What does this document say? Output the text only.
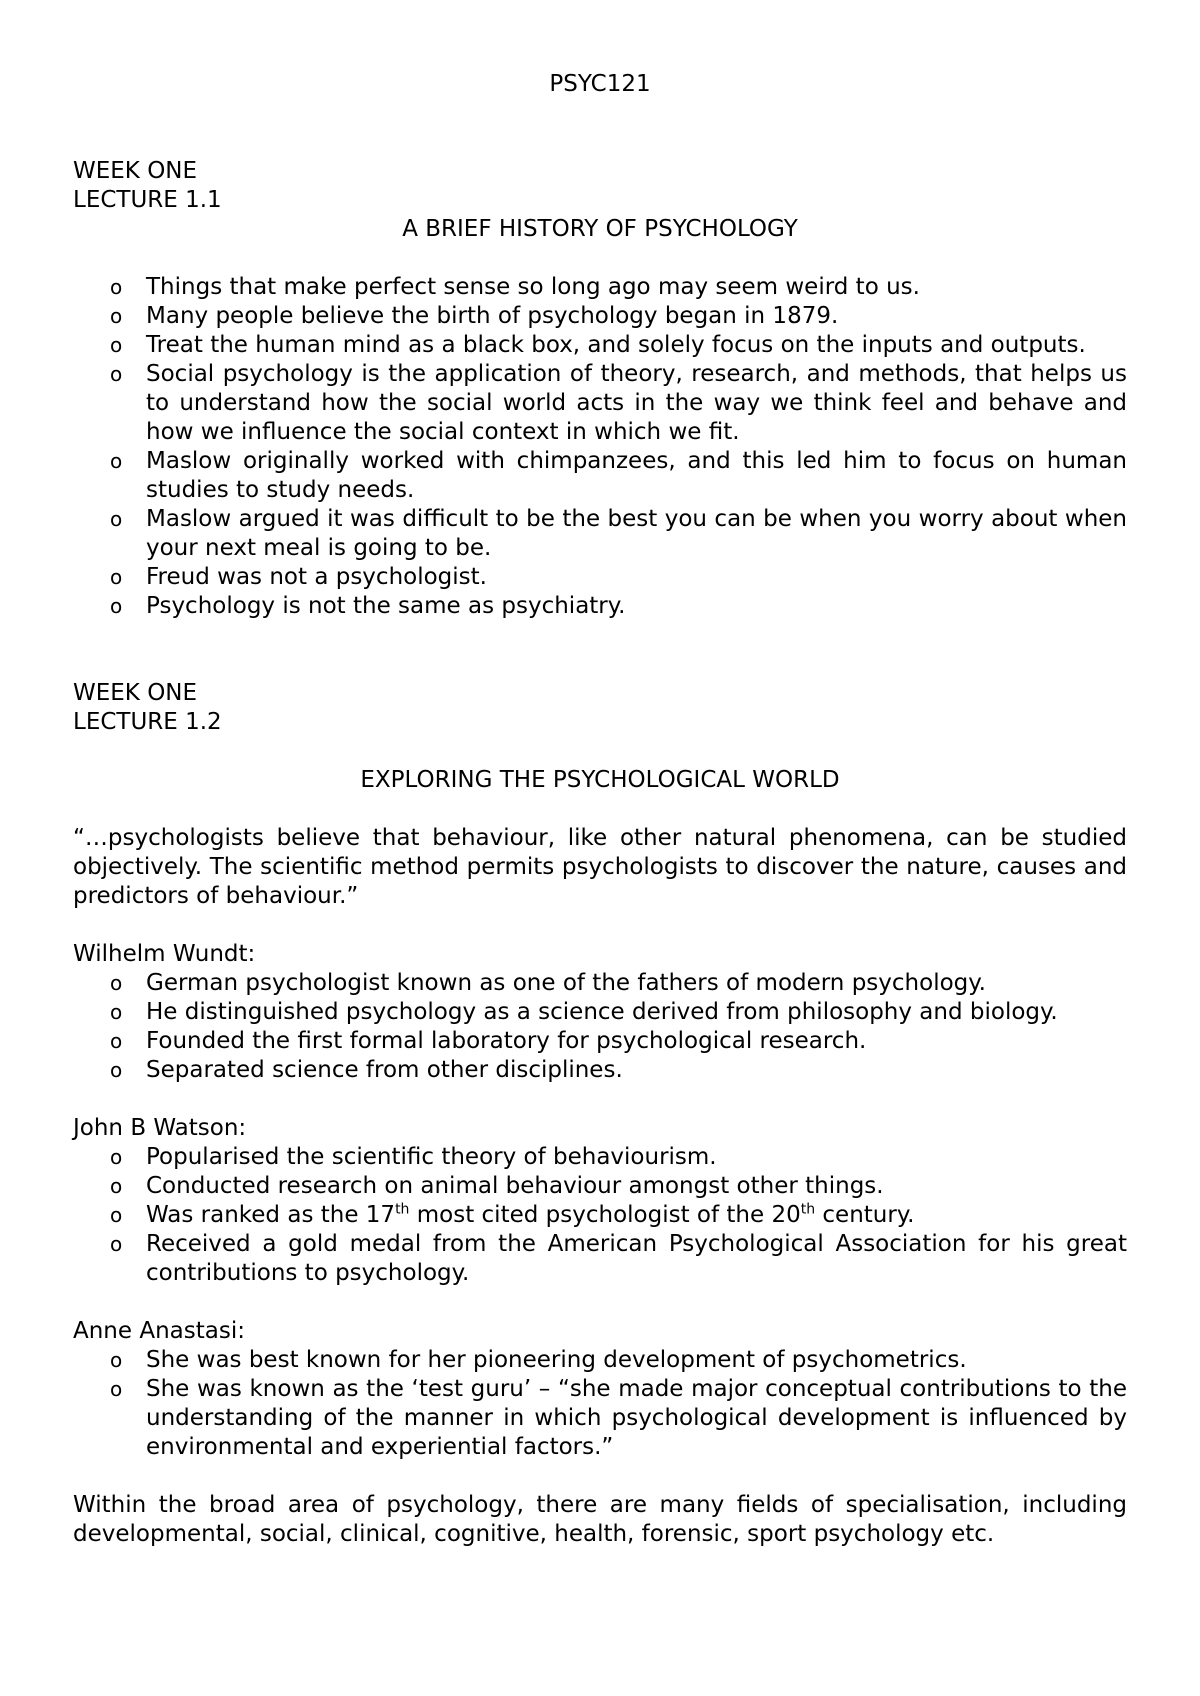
PSYC121

WEEK ONE

LECTURE 1.1

A BRIEF HISTORY OF PSYCHOLOGY

o Things that make perfect sense so long ago may seem weird to us.
o Many people believe the birth of psychology began in 1879.
o Treat the human mind as a black box, and solely focus on the inputs and outputs.
o Social psychology is the application of theory, research, and methods, that helps us to understand how the social world acts in the way we think feel and behave and how we influence the social context in which we fit.
o Maslow originally worked with chimpanzees, and this led him to focus on human studies to study needs.
o Maslow argued it was difficult to be the best you can be when you worry about when your next meal is going to be.
o Freud was not a psychologist.
o Psychology is not the same as psychiatry.

WEEK ONE

LECTURE 1.2

EXPLORING THE PSYCHOLOGICAL WORLD

“…psychologists believe that behaviour, like other natural phenomena, can be studied objectively. The scientific method permits psychologists to discover the nature, causes and predictors of behaviour.”

Wilhelm Wundt:

o German psychologist known as one of the fathers of modern psychology.
o He distinguished psychology as a science derived from philosophy and biology.
o Founded the first formal laboratory for psychological research.
o Separated science from other disciplines.

John B Watson:

o Popularised the scientific theory of behaviourism.
o Conducted research on animal behaviour amongst other things.
o Was ranked as the 17th most cited psychologist of the 20th century.
o Received a gold medal from the American Psychological Association for his great contributions to psychology.

Anne Anastasi:

o She was best known for her pioneering development of psychometrics.
o She was known as the ‘test guru’ – “she made major conceptual contributions to the understanding of the manner in which psychological development is influenced by environmental and experiential factors.”

Within the broad area of psychology, there are many fields of specialisation, including developmental, social, clinical, cognitive, health, forensic, sport psychology etc.
